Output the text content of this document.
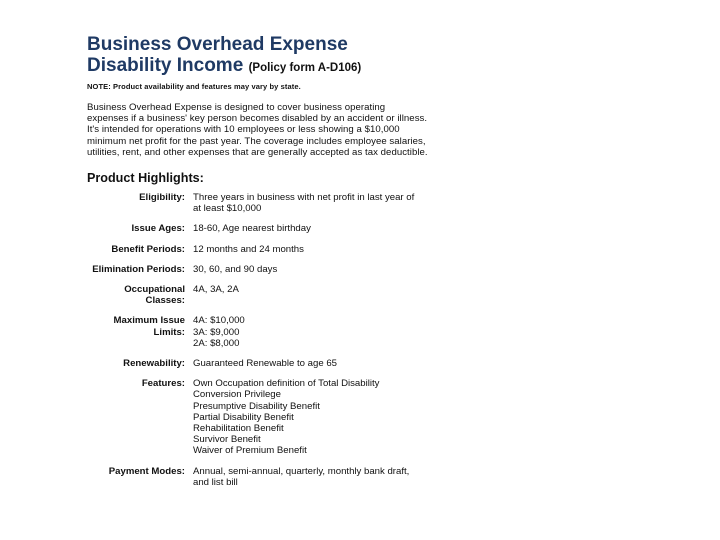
Business Overhead Expense
Disability Income (Policy form A-D106)
NOTE: Product availability and features may vary by state.
Business Overhead Expense is designed to cover business operating
expenses if a business' key person becomes disabled by an accident or illness.
It's intended for operations with 10 employees or less showing a $10,000
minimum net profit for the past year. The coverage includes employee salaries,
utilities, rent, and other expenses that are generally accepted as tax deductible.
Product Highlights:
Eligibility: Three years in business with net profit in last year of
at least $10,000
Issue Ages: 18-60, Age nearest birthday
Benefit Periods: 12 months and 24 months
Elimination Periods: 30, 60, and 90 days
Occupational
Classes:
4A, 3A, 2A
Maximum Issue
Limits:
4A: $10,000
3A: $9,000
2A: $8,000
Renewability: Guaranteed Renewable to age 65
Features: Own Occupation definition of Total Disability
Conversion Privilege
Presumptive Disability Benefit
Partial Disability Benefit
Rehabilitation Benefit
Survivor Benefit
Waiver of Premium Benefit
Payment Modes: Annual, semi-annual, quarterly, monthly bank draft,
and list bill
